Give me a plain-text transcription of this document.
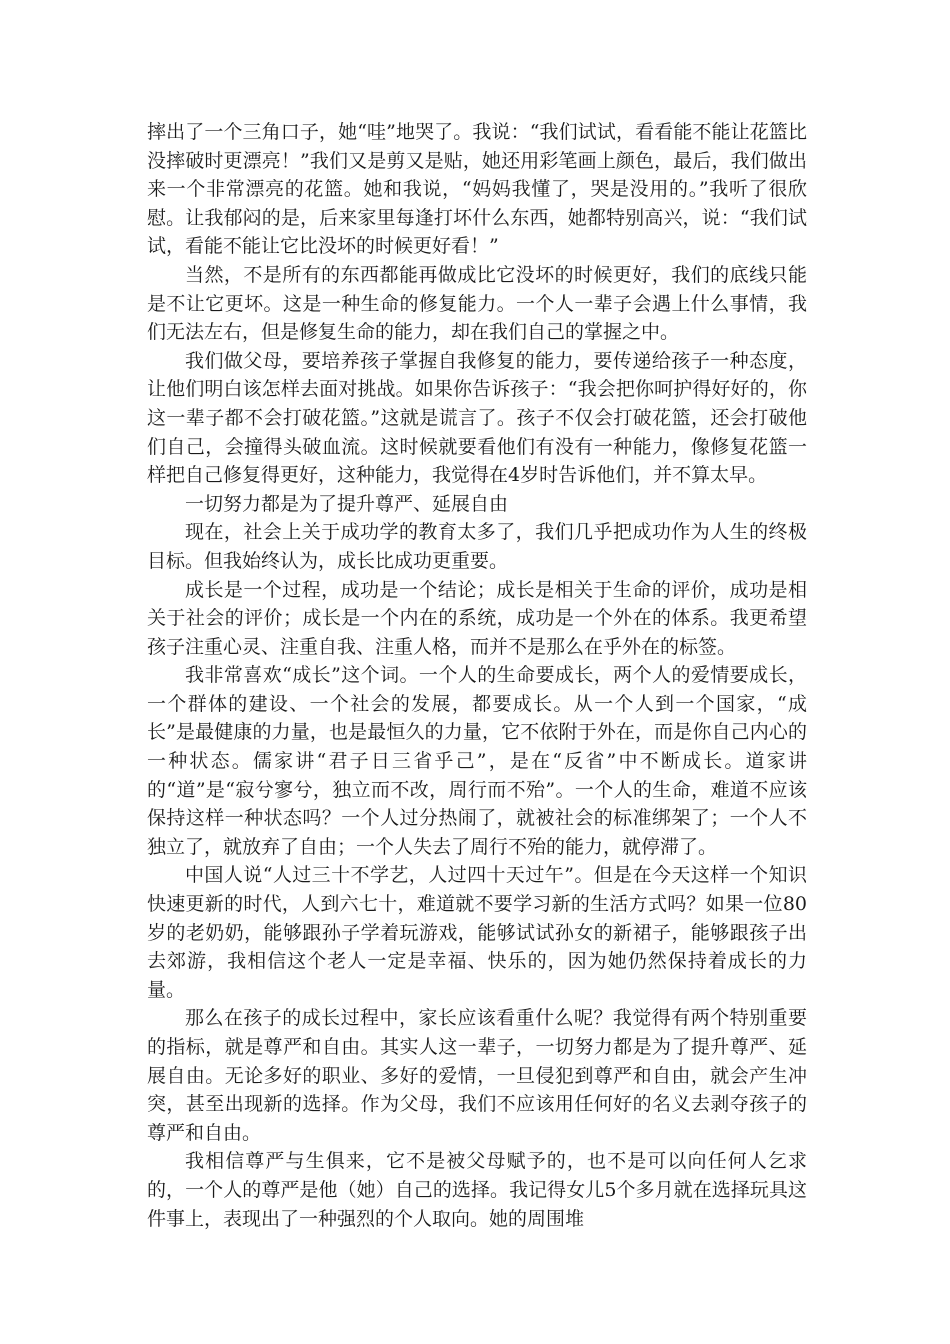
摔出了一个三角口子，她“哇”地哭了。我说：“我们试试，看看能不能让花篮比没摔破时更漂亮！”我们又是剪又是贴，她还用彩笔画上颜色，最后，我们做出来一个非常漂亮的花篮。她和我说，“妈妈我懂了，哭是没用的。”我听了很欣慰。让我郁闷的是，后来家里每逢打坏什么东西，她都特别高兴，说：“我们试试，看能不能让它比没坏的时候更好看！”

当然，不是所有的东西都能再做成比它没坏的时候更好，我们的底线只能是不让它更坏。这是一种生命的修复能力。一个人一辈子会遇上什么事情，我们无法左右，但是修复生命的能力，却在我们自己的掌握之中。

我们做父母，要培养孩子掌握自我修复的能力，要传递给孩子一种态度，让他们明白该怎样去面对挑战。如果你告诉孩子：“我会把你呵护得好好的，你这一辈子都不会打破花篮。”这就是谎言了。孩子不仅会打破花篮，还会打破他们自己，会撞得头破血流。这时候就要看他们有没有一种能力，像修复花篮一样把自己修复得更好，这种能力，我觉得在4岁时告诉他们，并不算太早。

一切努力都是为了提升尊严、延展自由

现在，社会上关于成功学的教育太多了，我们几乎把成功作为人生的终极目标。但我始终认为，成长比成功更重要。

成长是一个过程，成功是一个结论；成长是相关于生命的评价，成功是相关于社会的评价；成长是一个内在的系统，成功是一个外在的体系。我更希望孩子注重心灵、注重自我、注重人格，而并不是那么在乎外在的标签。

我非常喜欢“成长”这个词。一个人的生命要成长，两个人的爱情要成长，一个群体的建设、一个社会的发展，都要成长。从一个人到一个国家，“成长”是最健康的力量，也是最恒久的力量，它不依附于外在，而是你自己内心的一种状态。儒家讲“君子日三省乎己”，是在“反省”中不断成长。道家讲的“道”是“寂兮寥兮，独立而不改，周行而不殆”。一个人的生命，难道不应该保持这样一种状态吗？一个人过分热闹了，就被社会的标准绑架了；一个人不独立了，就放弃了自由；一个人失去了周行不殆的能力，就停滞了。

中国人说“人过三十不学艺，人过四十天过午”。但是在今天这样一个知识快速更新的时代，人到六七十，难道就不要学习新的生活方式吗？如果一位80岁的老奶奶，能够跟孙子学着玩游戏，能够试试孙女的新裙子，能够跟孩子出去郊游，我相信这个老人一定是幸福、快乐的，因为她仍然保持着成长的力量。

那么在孩子的成长过程中，家长应该看重什么呢？我觉得有两个特别重要的指标，就是尊严和自由。其实人这一辈子，一切努力都是为了提升尊严、延展自由。无论多好的职业、多好的爱情，一旦侵犯到尊严和自由，就会产生冲突，甚至出现新的选择。作为父母，我们不应该用任何好的名义去剥夺孩子的尊严和自由。

我相信尊严与生俱来，它不是被父母赋予的，也不是可以向任何人乞求的，一个人的尊严是他（她）自己的选择。我记得女儿5个多月就在选择玩具这件事上，表现出了一种强烈的个人取向。她的周围堆
